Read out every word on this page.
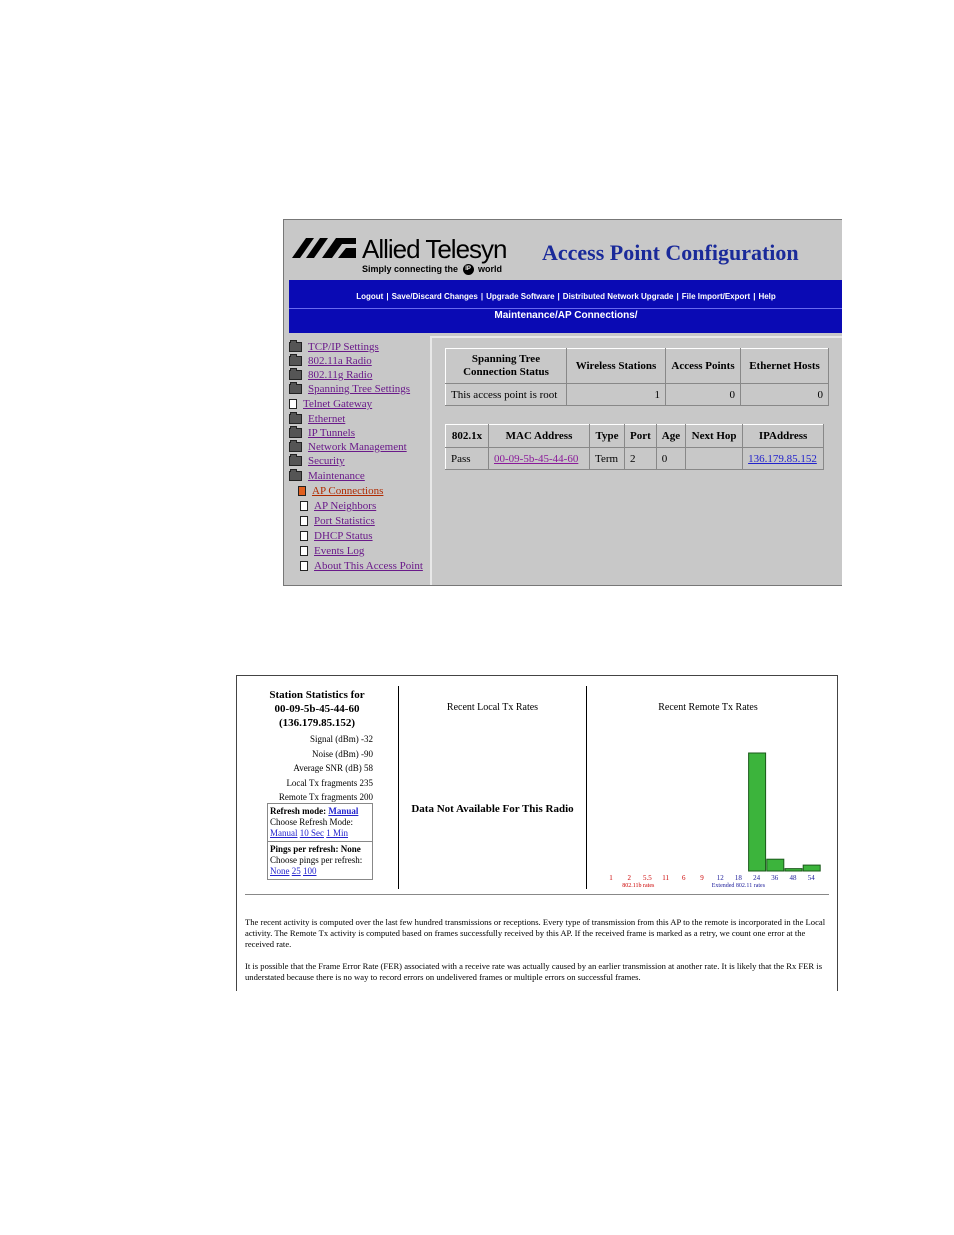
Allied Telesyn
Simply connecting the IP world
Access Point Configuration
Logout | Save/Discard Changes | Upgrade Software | Distributed Network Upgrade | File Import/Export | Help
Maintenance/AP Connections/
TCP/IP Settings
802.11a Radio
802.11g Radio
Spanning Tree Settings
Telnet Gateway
Ethernet
IP Tunnels
Network Management
Security
Maintenance
AP Connections
AP Neighbors
Port Statistics
DHCP Status
Events Log
About This Access Point
Spanning Tree Connection Status	Wireless Stations	Access Points	Ethernet Hosts
This access point is root	1	0	0
802.1x	MAC Address	Type	Port	Age	Next Hop	IPAddress
Pass	00-09-5b-45-44-60	Term	2	0		136.179.85.152
Station Statistics for
00-09-5b-45-44-60
(136.179.85.152)
Signal (dBm) -32
Noise (dBm) -90
Average SNR (dB) 58
Local Tx fragments 235
Remote Tx fragments 200
Refresh mode: Manual
Choose Refresh Mode:
Manual 10 Sec 1 Min
Pings per refresh: None
Choose pings per refresh:
None 25 100
Recent Local Tx Rates
Data Not Available For This Radio
Recent Remote Tx Rates
1 2 5.5 11 6 9 12 18 24 36 48 54
802.11b rates	Extended 802.11 rates

The recent activity is computed over the last few hundred transmissions or receptions. Every type of transmission from this AP to the remote is incorporated in the Local activity. The Remote Tx activity is computed based on frames successfully received by this AP. If the received frame is marked as a retry, we count one error at the received rate.

It is possible that the Frame Error Rate (FER) associated with a receive rate was actually caused by an earlier transmission at another rate. It is likely that the Rx FER is understated because there is no way to record errors on undelivered frames or multiple errors on successful frames.
